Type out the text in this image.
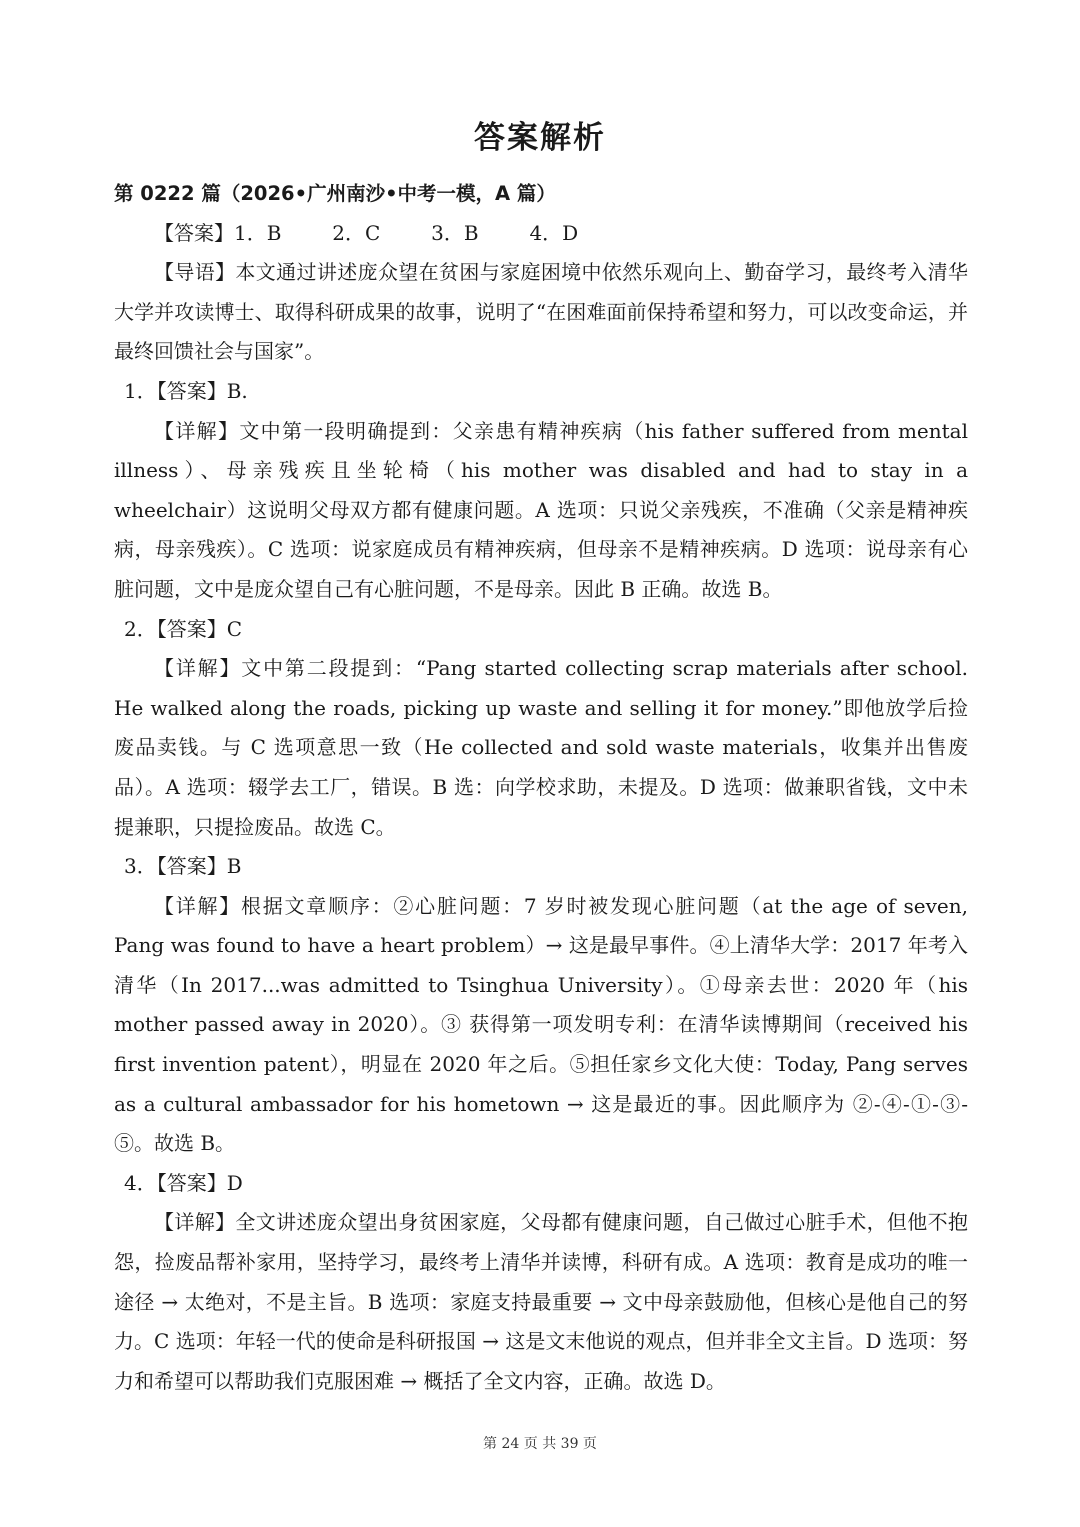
答案解析

第 0222 篇（2026•广州南沙•中考一模，A 篇）

【答案】1．B        2．C        3．B        4．D

【导语】本文通过讲述庞众望在贫困与家庭困境中依然乐观向上、勤奋学习，最终考入清华大学并攻读博士、取得科研成果的故事，说明了“在困难面前保持希望和努力，可以改变命运，并最终回馈社会与国家”。

1．【答案】B.

【详解】文中第一段明确提到：父亲患有精神疾病（his father suffered from mental illness）、母亲残疾且坐轮椅（his mother was disabled and had to stay in a wheelchair）这说明父母双方都有健康问题。A 选项：只说父亲残疾，不准确（父亲是精神疾病，母亲残疾）。C 选项：说家庭成员有精神疾病，但母亲不是精神疾病。D 选项：说母亲有心脏问题，文中是庞众望自己有心脏问题，不是母亲。因此 B 正确。故选 B。

2．【答案】C

【详解】文中第二段提到：“Pang started collecting scrap materials after school. He walked along the roads, picking up waste and selling it for money.”即他放学后捡废品卖钱。与 C 选项意思一致（He collected and sold waste materials，收集并出售废品）。A 选项：辍学去工厂，错误。B 选：向学校求助，未提及。D 选项：做兼职省钱，文中未提兼职，只提捡废品。故选 C。

3．【答案】B

【详解】根据文章顺序：②心脏问题：7 岁时被发现心脏问题（at the age of seven, Pang was found to have a heart problem）→ 这是最早事件。④上清华大学：2017 年考入清华（In 2017...was admitted to Tsinghua University）。①母亲去世：2020 年（his mother passed away in 2020）。③ 获得第一项发明专利：在清华读博期间（received his first invention patent），明显在 2020 年之后。⑤担任家乡文化大使：Today, Pang serves as a cultural ambassador for his hometown → 这是最近的事。因此顺序为 ②-④-①-③-⑤。故选 B。

4．【答案】D

【详解】全文讲述庞众望出身贫困家庭，父母都有健康问题，自己做过心脏手术，但他不抱怨，捡废品帮补家用，坚持学习，最终考上清华并读博，科研有成。A 选项：教育是成功的唯一途径 → 太绝对，不是主旨。B 选项：家庭支持最重要 → 文中母亲鼓励他，但核心是他自己的努力。C 选项：年轻一代的使命是科研报国 → 这是文末他说的观点，但并非全文主旨。D 选项：努力和希望可以帮助我们克服困难 → 概括了全文内容，正确。故选 D。

第 24 页 共 39 页
